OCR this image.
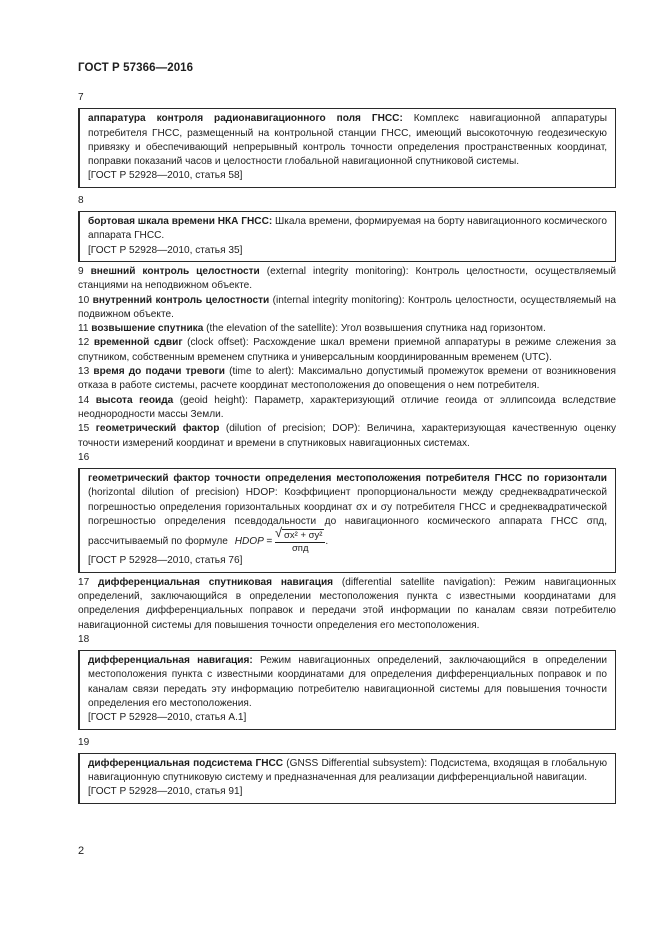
ГОСТ Р 57366—2016

7

аппаратура контроля радионавигационного поля ГНСС: Комплекс навигационной аппаратуры потребителя ГНСС, размещенный на контрольной станции ГНСС, имеющий высокоточную геодезическую привязку и обеспечивающий непрерывный контроль точности определения пространственных координат, поправки показаний часов и целостности глобальной навигационной спутниковой системы.
[ГОСТ Р 52928—2010, статья 58]

8

бортовая шкала времени НКА ГНСС: Шкала времени, формируемая на борту навигационного космического аппарата ГНСС.
[ГОСТ Р 52928—2010, статья 35]

9 внешний контроль целостности (external integrity monitoring): Контроль целостности, осуществляемый станциями на неподвижном объекте.

10 внутренний контроль целостности (internal integrity monitoring): Контроль целостности, осуществляемый на подвижном объекте.

11 возвышение спутника (the elevation of the satellite): Угол возвышения спутника над горизонтом.

12 временной сдвиг (clock offset): Расхождение шкал времени приемной аппаратуры в режиме слежения за спутником, собственным временем спутника и универсальным координированным временем (UTC).

13 время до подачи тревоги (time to alert): Максимально допустимый промежуток времени от возникновения отказа в работе системы, расчете координат местоположения до оповещения о нем потребителя.

14 высота геоида (geoid height): Параметр, характеризующий отличие геоида от эллипсоида вследствие неоднородности массы Земли.

15 геометрический фактор (dilution of precision; DOP): Величина, характеризующая качественную оценку точности измерений координат и времени в спутниковых навигационных системах.

16

геометрический фактор точности определения местоположения потребителя ГНСС по горизонтали (horizontal dilution of precision) HDOP: Коэффициент пропорциональности между среднеквадратической погрешностью определения горизонтальных координат σx и σy потребителя ГНСС и среднеквадратической погрешностью определения псевдодальности до навигационного космического аппарата ГНСС σпд, рассчитываемый по формуле HDOP =
√ $\frac{\text{σx² + σy²}}{\text{σпд}}$ .
[ГОСТ Р 52928—2010, статья 76]

17 дифференциальная спутниковая навигация (differential satellite navigation): Режим навигационных определений, заключающийся в определении местоположения пункта с известными координатами для определения дифференциальных поправок и передачи этой информации по каналам связи потребителю навигационной системы для повышения точности определения его местоположения.

18

дифференциальная навигация: Режим навигационных определений, заключающийся в определении местоположения пункта с известными координатами для определения дифференциальных поправок и по каналам связи передать эту информацию потребителю навигационной системы для повышения точности определения его местоположения.
[ГОСТ Р 52928—2010, статья А.1]

19

дифференциальная подсистема ГНСС (GNSS Differential subsystem): Подсистема, входящая в глобальную навигационную спутниковую систему и предназначенная для реализации дифференциальной навигации.
[ГОСТ Р 52928—2010, статья 91]
2
